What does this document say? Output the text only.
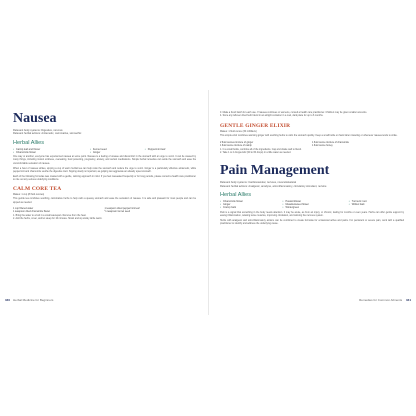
Nausea

Relevant body systems: Digestive, nervous

Relevant herbal actions: Antiemetic, carminative, stomachic

Herbal Allies

• Catnip leaf and flower	• Fennel seed	• Peppermint leaf
• Chamomile flower	• Ginger

One way or another, everyone has experienced nausea at some point. Nausea is a feeling of unease and discomfort in the stomach with an urge to vomit. It can be caused by many things, including motion sickness, overeating, food poisoning, pregnancy, anxiety, and certain medications. Simple herbal remedies can settle the stomach and ease the uncomfortable sensation of nausea.

When a bout of nausea strikes, sipping a cup of warm herbal tea can help relax the stomach and reduce the urge to vomit. Ginger is a particularly effective antiemetic, while peppermint and chamomile soothe the digestive tract. Sipping slowly is important, as gulping can aggravate an already upset stomach.

Each of the following formulas was created with a gentle, calming approach in mind. If you feel nauseated frequently or for long periods, please consult a health care practitioner to rule out any serious underlying conditions.

CALM CORE TEA

Makes: 1 cup (8 fluid ounces)

This gentle tea combines soothing, carminative herbs to help calm a queasy stomach and ease the sensation of nausea. It is safe and pleasant for most people and can be sipped as needed.

1 cup filtered water	1 teaspoon dried peppermint leaf
1 teaspoon dried chamomile flower	½ teaspoon fennel seed
1. Bring the water to a boil in a small saucepan. Remove from the heat.
2. Add the herbs, cover, and let steep for 10 minutes. Strain and sip slowly while warm.
340 Herbal Medicine for Beginners
3. Make a fresh batch for each use. If nausea continues or worsens, consult a health care practitioner. Children may be given smaller amounts.
4. Store any leftover dried herb blend in an airtight container in a cool, dark place for up to 6 months.

GENTLE GINGER ELIXIR

Makes: 1 fluid ounce (30 milliliters)

This simple elixir combines warming ginger with soothing herbs to calm the stomach quickly. Keep a small bottle on hand when traveling or whenever nausea tends to strike.

2 fluid ounces tincture of ginger	1 fluid ounce tincture of chamomile
1 fluid ounce tincture of catnip	1 fluid ounce honey
1. In a small bottle, combine all of the ingredients. Cap and shake well to blend.
2. Take 1 to 2 droppersful (30 to 60 drops) in a little water as needed.

Pain Management

Relevant body systems: Cardiovascular, nervous, musculoskeletal

Relevant herbal actions: Analgesic, anodyne, anti-inflammatory, circulatory stimulant, nervine

Herbal Allies

• Chamomile flower	• Passionflower	• Turmeric root
• Ginger	• Meadowsweet flower	• Willow bark
• Cramp bark	• Wintergreen

Pain is a signal that something in the body needs attention. It may be acute, as from an injury, or chronic, lasting for months or even years. Herbs can offer gentle support by easing inflammation, relaxing tense muscles, improving circulation, and calming the nervous system.

Herbs with analgesic and anti-inflammatory actions can be combined to create formulas for occasional aches and pains. For persistent or severe pain, work with a qualified practitioner to identify and address the underlying cause.

Remedies for Common Ailments 341
